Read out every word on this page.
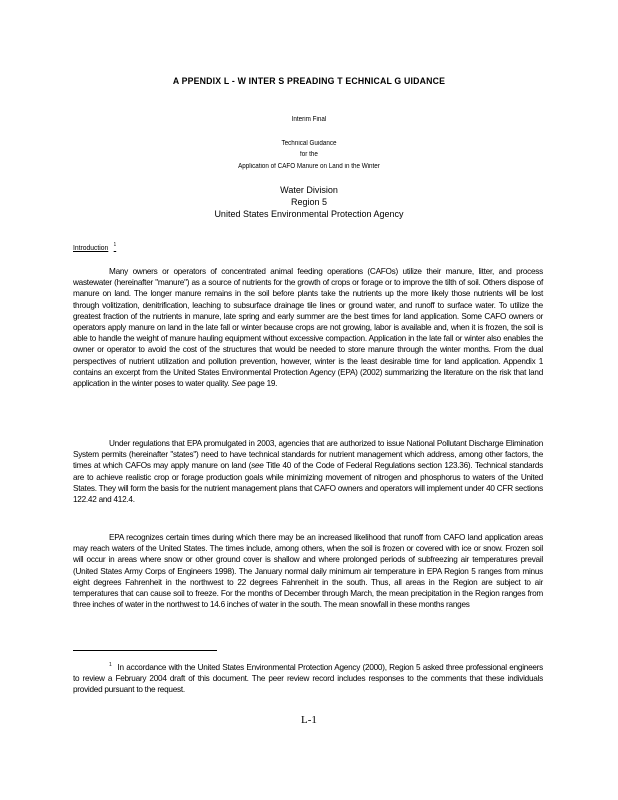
A PPENDIX L - W INTER S PREADING T ECHNICAL G UIDANCE
Interim Final
Technical Guidance
for the
Application of CAFO Manure on Land in the Winter
Water Division
Region 5
United States Environmental Protection Agency
Introduction $^1$

Many owners or operators of concentrated animal feeding operations (CAFOs) utilize their manure, litter, and process wastewater (hereinafter "manure") as a source of nutrients for the growth of crops or forage or to improve the tilth of soil. Others dispose of manure on land. The longer manure remains in the soil before plants take the nutrients up the more likely those nutrients will be lost through volitization, denitrification, leaching to subsurface drainage tile lines or ground water, and runoff to surface water. To utilize the greatest fraction of the nutrients in manure, late spring and early summer are the best times for land application. Some CAFO owners or operators apply manure on land in the late fall or winter because crops are not growing, labor is available and, when it is frozen, the soil is able to handle the weight of manure hauling equipment without excessive compaction. Application in the late fall or winter also enables the owner or operator to avoid the cost of the structures that would be needed to store manure through the winter months. From the dual perspectives of nutrient utilization and pollution prevention, however, winter is the least desirable time for land application. Appendix 1 contains an excerpt from the United States Environmental Protection Agency (EPA) (2002) summarizing the literature on the risk that land application in the winter poses to water quality. See page 19.

Under regulations that EPA promulgated in 2003, agencies that are authorized to issue National Pollutant Discharge Elimination System permits (hereinafter "states") need to have technical standards for nutrient management which address, among other factors, the times at which CAFOs may apply manure on land (see Title 40 of the Code of Federal Regulations section 123.36). Technical standards are to achieve realistic crop or forage production goals while minimizing movement of nitrogen and phosphorus to waters of the United States. They will form the basis for the nutrient management plans that CAFO owners and operators will implement under 40 CFR sections 122.42 and 412.4.

EPA recognizes certain times during which there may be an increased likelihood that runoff from CAFO land application areas may reach waters of the United States. The times include, among others, when the soil is frozen or covered with ice or snow. Frozen soil will occur in areas where snow or other ground cover is shallow and where prolonged periods of subfreezing air temperatures prevail (United States Army Corps of Engineers 1998). The January normal daily minimum air temperature in EPA Region 5 ranges from minus eight degrees Fahrenheit in the northwest to 22 degrees Fahrenheit in the south. Thus, all areas in the Region are subject to air temperatures that can cause soil to freeze. For the months of December through March, the mean precipitation in the Region ranges from three inches of water in the northwest to 14.6 inches of water in the south. The mean snowfall in these months ranges

$^1$ In accordance with the United States Environmental Protection Agency (2000), Region 5 asked three professional engineers to review a February 2004 draft of this document. The peer review record includes responses to the comments that these individuals provided pursuant to the request.

L-1
